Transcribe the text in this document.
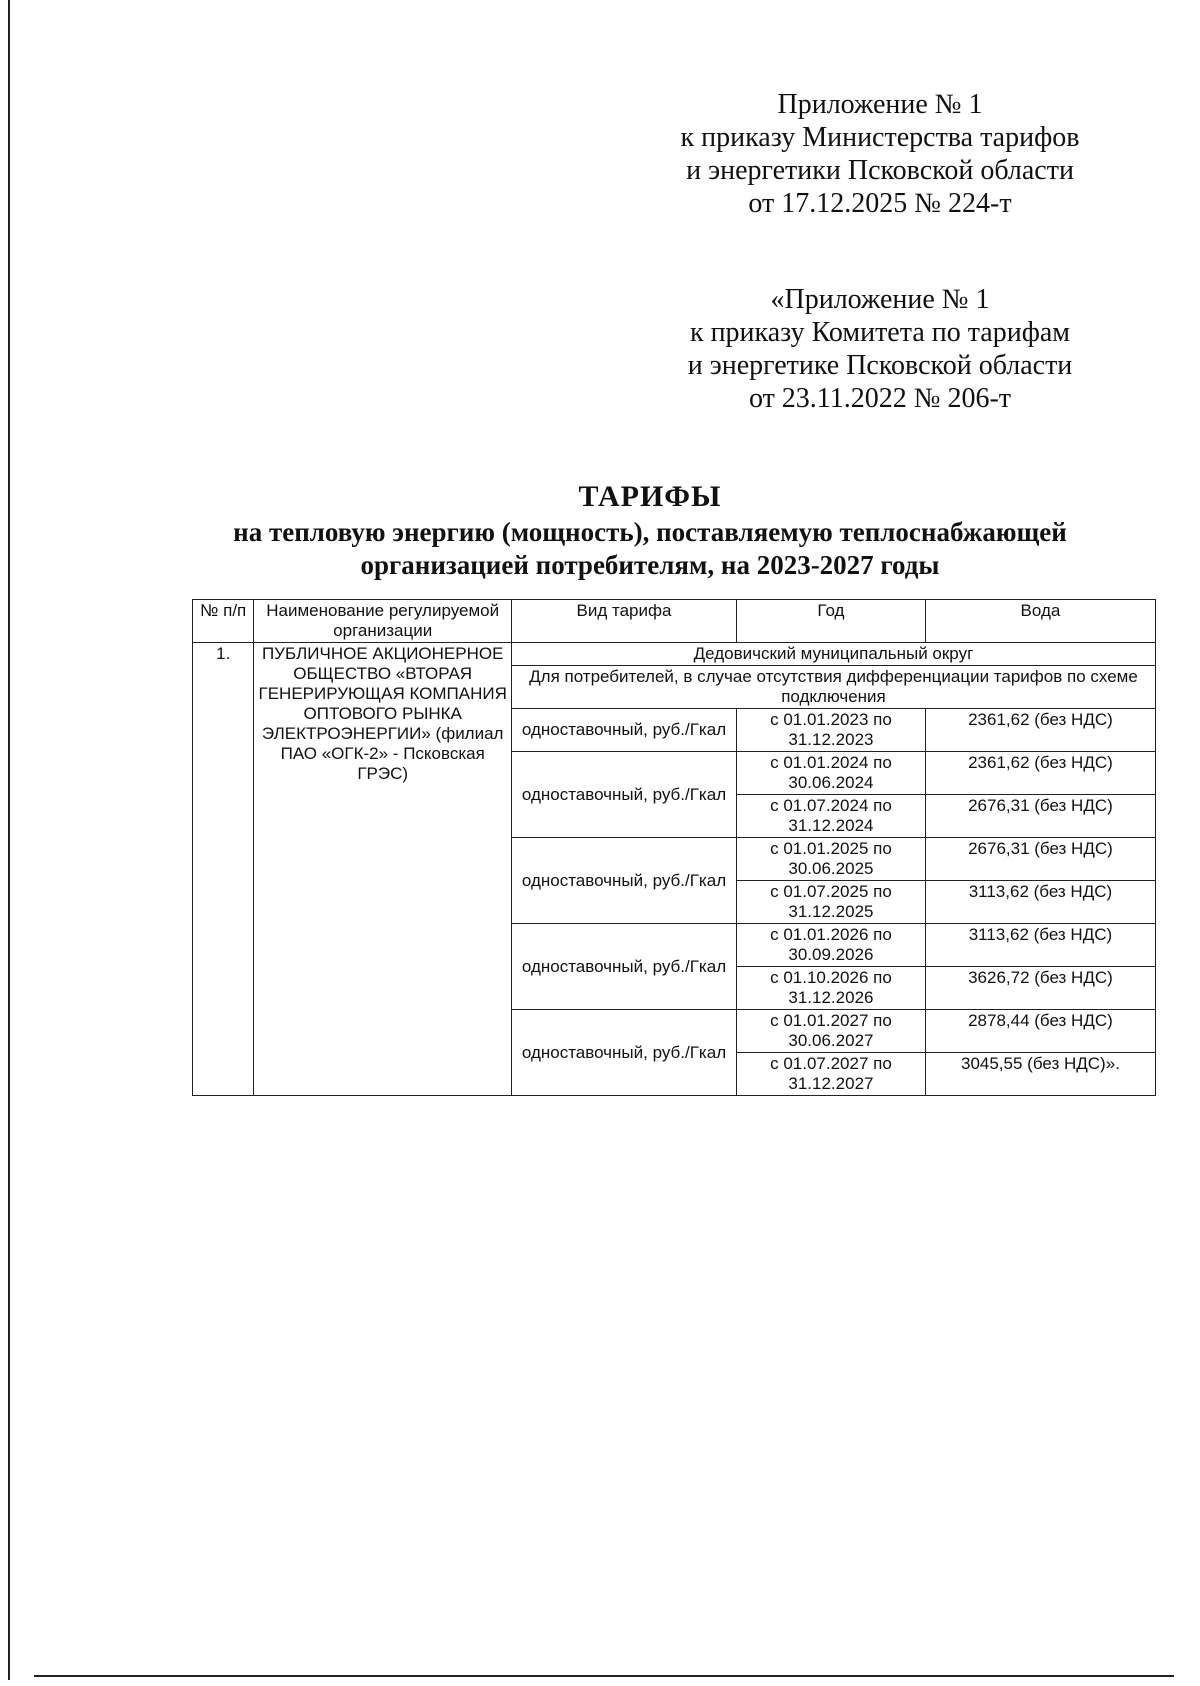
Приложение № 1
к приказу Министерства тарифов
и энергетики Псковской области
от 17.12.2025 № 224-т
«Приложение № 1
к приказу Комитета по тарифам
и энергетике Псковской области
от 23.11.2022 № 206-т
ТАРИФЫ
на тепловую энергию (мощность), поставляемую теплоснабжающей
организацией потребителям, на 2023-2027 годы
№ п/п	Наименование регулируемой организации	Вид тарифа	Год	Вода
1.	ПУБЛИЧНОЕ АКЦИОНЕРНОЕ ОБЩЕСТВО «ВТОРАЯ ГЕНЕРИРУЮЩАЯ КОМПАНИЯ ОПТОВОГО РЫНКА ЭЛЕКТРОЭНЕРГИИ» (филиал ПАО «ОГК-2» - Псковская ГРЭС)	Дедовичский муниципальный округ		
		Для потребителей, в случае отсутствия дифференциации тарифов по схеме подключения		
		одноставочный, руб./Гкал	с 01.01.2023 по 31.12.2023	2361,62 (без НДС)
		одноставочный, руб./Гкал	с 01.01.2024 по 30.06.2024	2361,62 (без НДС)
			с 01.07.2024 по 31.12.2024	2676,31 (без НДС)
		одноставочный, руб./Гкал	с 01.01.2025 по 30.06.2025	2676,31 (без НДС)
			с 01.07.2025 по 31.12.2025	3113,62 (без НДС)
		одноставочный, руб./Гкал	с 01.01.2026 по 30.09.2026	3113,62 (без НДС)
			с 01.10.2026 по 31.12.2026	3626,72 (без НДС)
		одноставочный, руб./Гкал	с 01.01.2027 по 30.06.2027	2878,44 (без НДС)
			с 01.07.2027 по 31.12.2027	3045,55 (без НДС)».
